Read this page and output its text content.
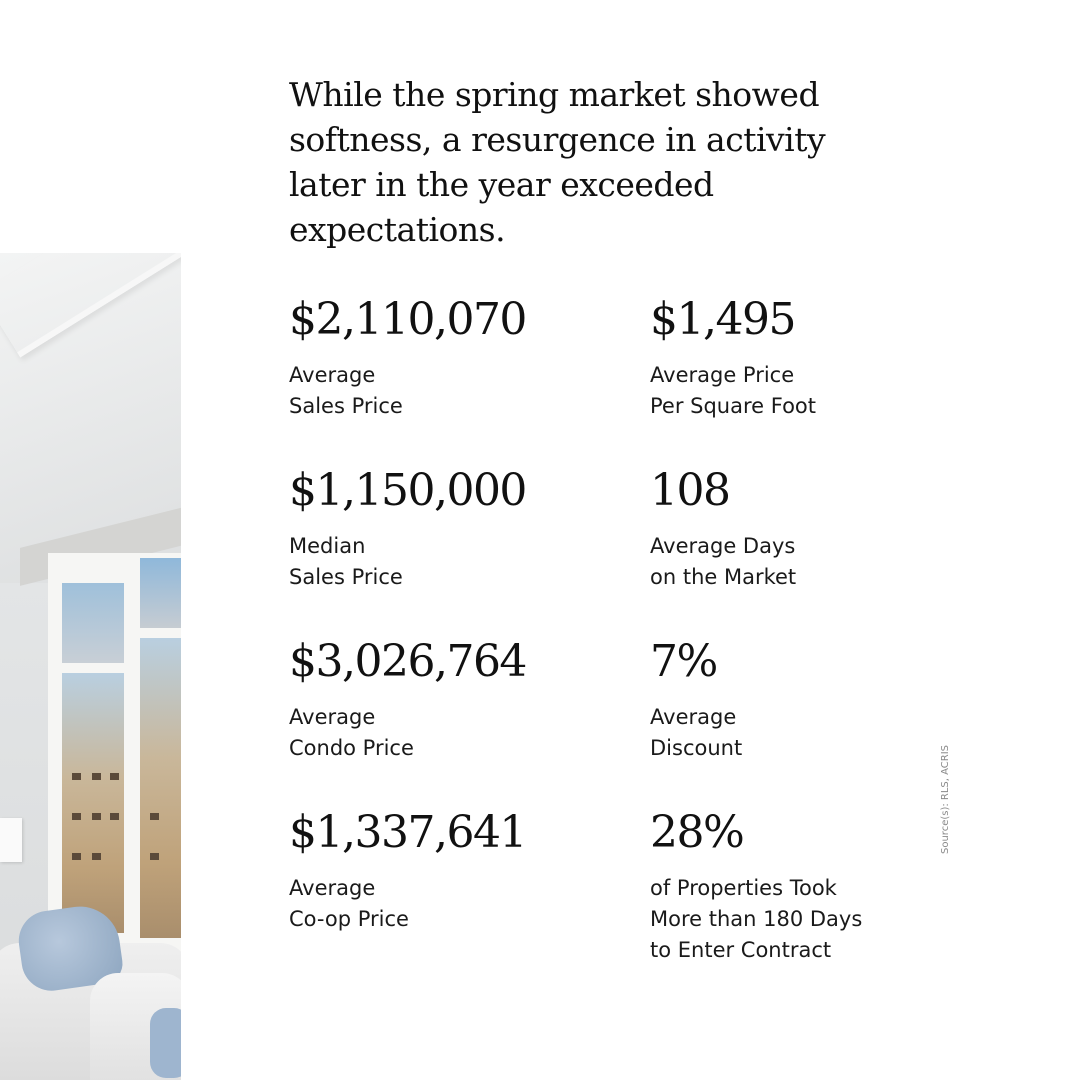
While the spring market showed softness, a resurgence in activity later in the year exceeded expectations.
$2,110,070
Average
Sales Price
$1,495
Average Price
Per Square Foot
$1,150,000
Median
Sales Price
108
Average Days
on the Market
$3,026,764
Average
Condo Price
7%
Average
Discount
$1,337,641
Average
Co-op Price
28%
of Properties Took
More than 180 Days
to Enter Contract
Source(s): RLS, ACRIS
